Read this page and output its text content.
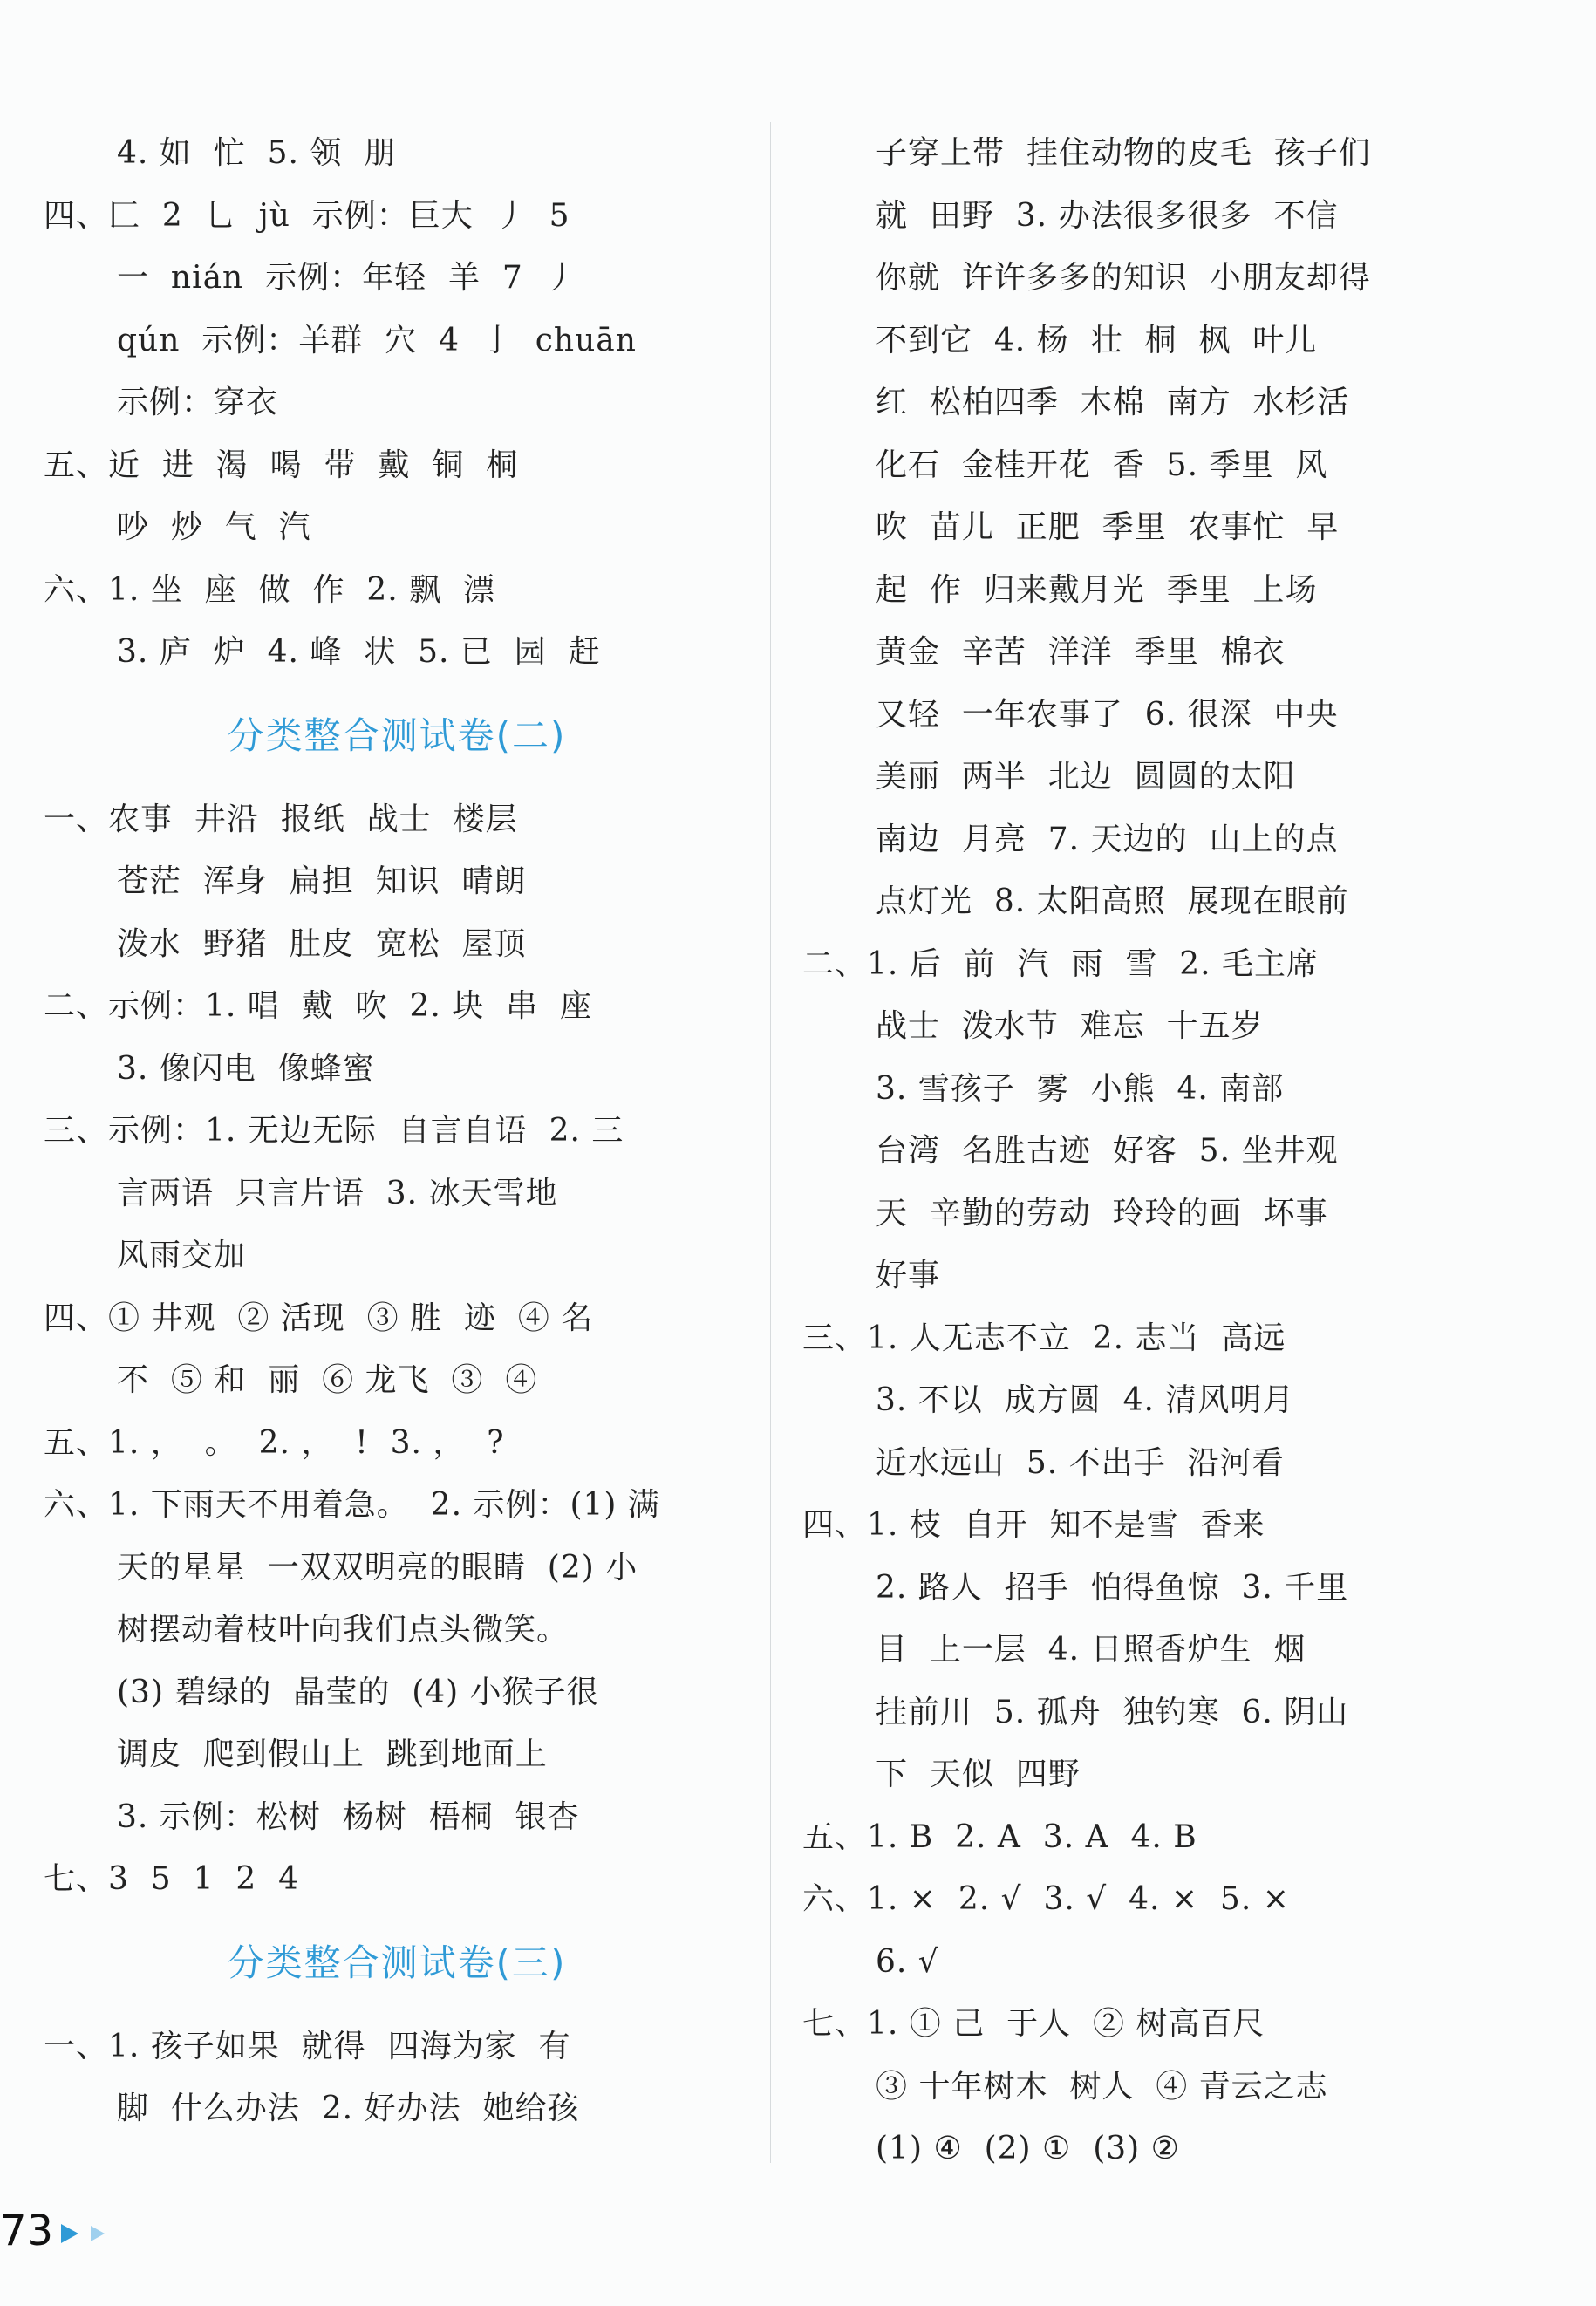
4. 如  忙  5. 领  朋
四、匚  2  乚  jù  示例：巨大  丿  5
一  nián  示例：年轻  羊  7  丿
qún  示例：羊群  穴  4  亅  chuān
示例：穿衣
五、近  进  渴  喝  带  戴  铜  桐
吵  炒  气  汽
六、1. 坐  座  做  作  2. 飘  漂
3. 庐  炉  4. 峰  状  5. 已  园  赶
分类整合测试卷(二)
一、农事  井沿  报纸  战士  楼层
苍茫  浑身  扁担  知识  晴朗
泼水  野猪  肚皮  宽松  屋顶
二、示例：1. 唱  戴  吹  2. 块  串  座
3. 像闪电  像蜂蜜
三、示例：1. 无边无际  自言自语  2. 三
言两语  只言片语  3. 冰天雪地
风雨交加
四、① 井观  ② 活现  ③ 胜  迹  ④ 名
不  ⑤ 和  丽  ⑥ 龙飞  ③  ④
五、1. ，  。  2. ，  !  3. ，  ?
六、1. 下雨天不用着急。  2. 示例：(1) 满
天的星星  一双双明亮的眼睛  (2) 小
树摆动着枝叶向我们点头微笑。
(3) 碧绿的  晶莹的  (4) 小猴子很
调皮  爬到假山上  跳到地面上
3. 示例：松树  杨树  梧桐  银杏
七、3  5  1  2  4
分类整合测试卷(三)
一、1. 孩子如果  就得  四海为家  有
脚  什么办法  2. 好办法  她给孩
子穿上带  挂住动物的皮毛  孩子们
就  田野  3. 办法很多很多  不信
你就  许许多多的知识  小朋友却得
不到它  4. 杨  壮  桐  枫  叶儿
红  松柏四季  木棉  南方  水杉活
化石  金桂开花  香  5. 季里  风
吹  苗儿  正肥  季里  农事忙  早
起  作  归来戴月光  季里  上场
黄金  辛苦  洋洋  季里  棉衣
又轻  一年农事了  6. 很深  中央
美丽  两半  北边  圆圆的太阳
南边  月亮  7. 天边的  山上的点
点灯光  8. 太阳高照  展现在眼前
二、1. 后  前  汽  雨  雪  2. 毛主席
战士  泼水节  难忘  十五岁
3. 雪孩子  雾  小熊  4. 南部
台湾  名胜古迹  好客  5. 坐井观
天  辛勤的劳动  玲玲的画  坏事
好事
三、1. 人无志不立  2. 志当  高远
3. 不以  成方圆  4. 清风明月
近水远山  5. 不出手  沿河看
四、1. 枝  自开  知不是雪  香来
2. 路人  招手  怕得鱼惊  3. 千里
目  上一层  4. 日照香炉生  烟
挂前川  5. 孤舟  独钓寒  6. 阴山
下  天似  四野
五、1. B  2. A  3. A  4. B
六、1. ×  2. √  3. √  4. ×  5. ×
6. √
七、1. ① 己  于人  ② 树高百尺
③ 十年树木  树人  ④ 青云之志
(1) ④  (2) ①  (3) ②
73
